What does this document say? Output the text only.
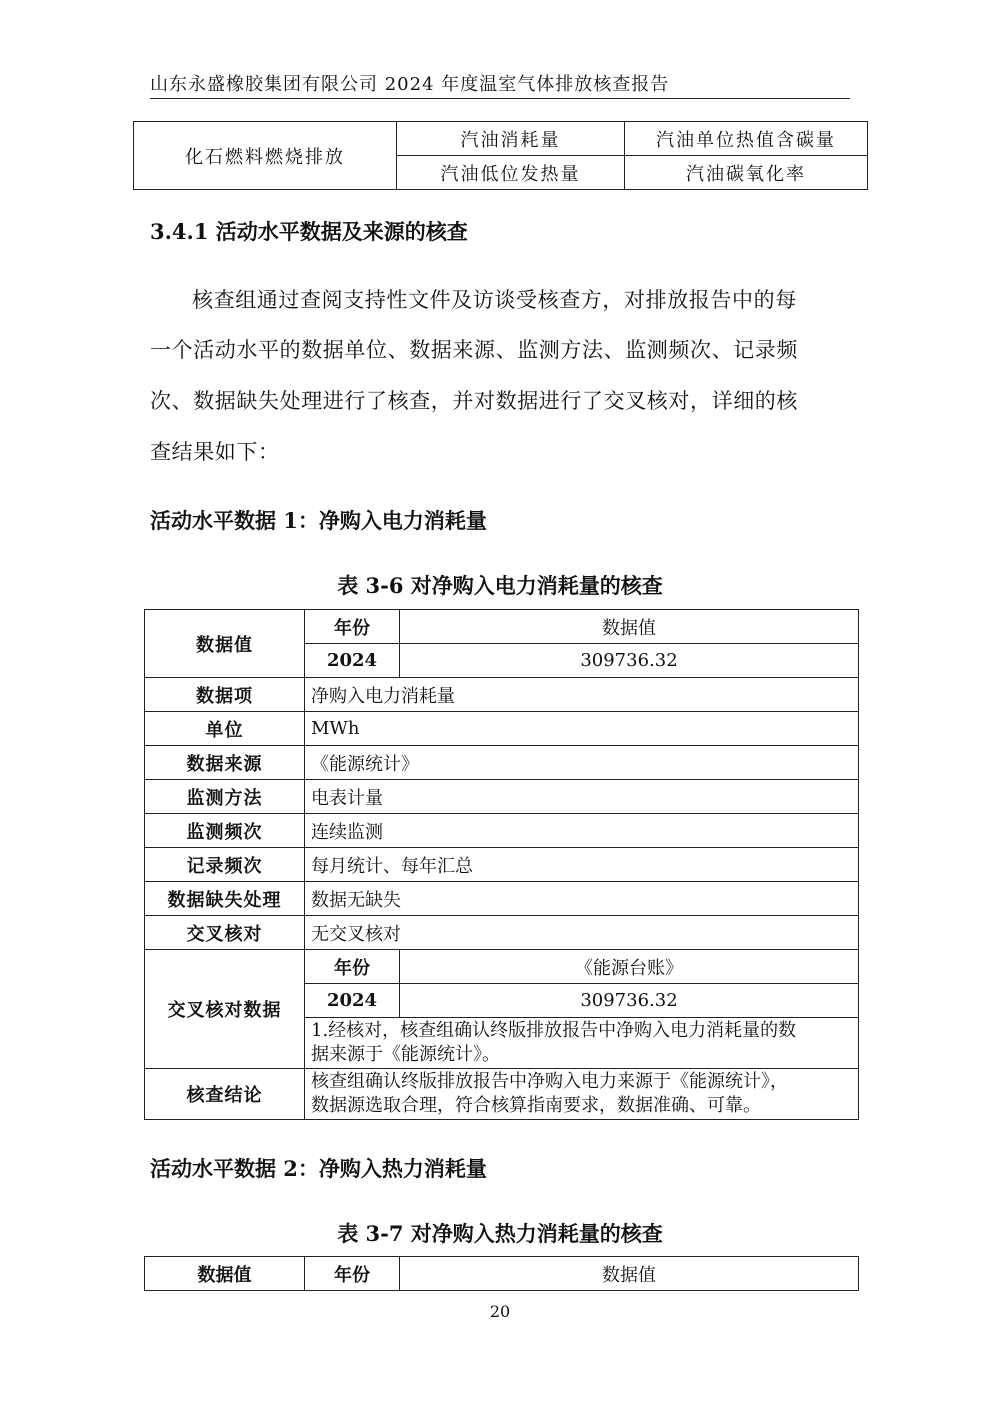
山东永盛橡胶集团有限公司 2024 年度温室气体排放核查报告
化石燃料燃烧排放	汽油消耗量	汽油单位热值含碳量
	汽油低位发热量	汽油碳氧化率
3.4.1 活动水平数据及来源的核查
核查组通过查阅支持性文件及访谈受核查方，对排放报告中的每
一个活动水平的数据单位、数据来源、监测方法、监测频次、记录频
次、数据缺失处理进行了核查，并对数据进行了交叉核对，详细的核
查结果如下：
活动水平数据 1：净购入电力消耗量
表 3-6 对净购入电力消耗量的核查
数据值	年份	数据值
	2024	309736.32
数据项	净购入电力消耗量	
单位	MWh	
数据来源	《能源统计》	
监测方法	电表计量	
监测频次	连续监测	
记录频次	每月统计、每年汇总	
数据缺失处理	数据无缺失	
交叉核对	无交叉核对	
交叉核对数据	年份	《能源台账》
	2024	309736.32

	1.经核对，核查组确认终版排放报告中净购入电力消耗量的数
据来源于《能源统计》。	

核查结论	核查组确认终版排放报告中净购入电力来源于《能源统计》，
数据源选取合理，符合核算指南要求，数据准确、可靠。	
活动水平数据 2：净购入热力消耗量
表 3-7 对净购入热力消耗量的核查
数据值	年份	数据值
20
